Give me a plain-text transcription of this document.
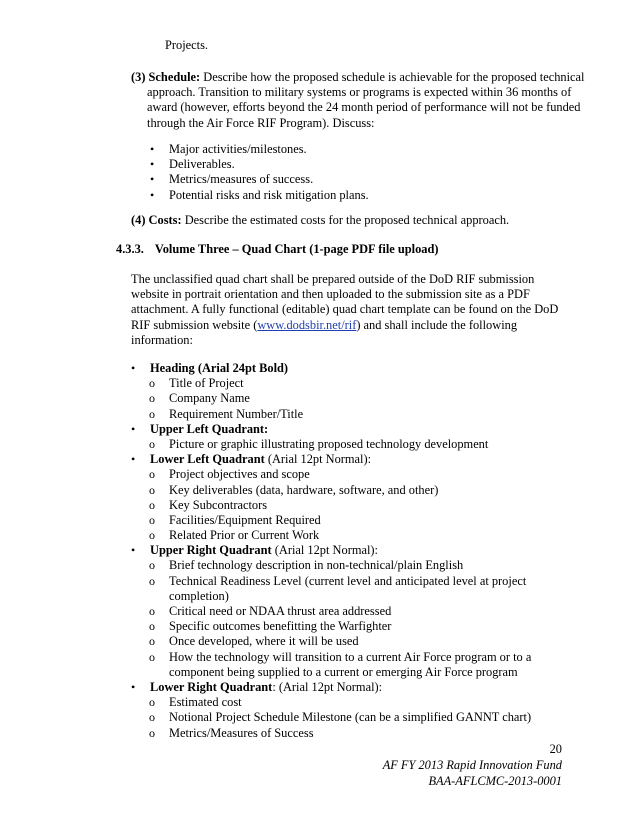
Projects.
(3) Schedule: Describe how the proposed schedule is achievable for the proposed technical approach. Transition to military systems or programs is expected within 36 months of award (however, efforts beyond the 24 month period of performance will not be funded through the Air Force RIF Program). Discuss:
• Major activities/milestones.
• Deliverables.
• Metrics/measures of success.
• Potential risks and risk mitigation plans.
(4) Costs: Describe the estimated costs for the proposed technical approach.
4.3.3. Volume Three – Quad Chart (1-page PDF file upload)
The unclassified quad chart shall be prepared outside of the DoD RIF submission website in portrait orientation and then uploaded to the submission site as a PDF attachment. A fully functional (editable) quad chart template can be found on the DoD RIF submission website (www.dodsbir.net/rif) and shall include the following information:
• Heading (Arial 24pt Bold)
o Title of Project
o Company Name
o Requirement Number/Title
• Upper Left Quadrant:
o Picture or graphic illustrating proposed technology development
• Lower Left Quadrant (Arial 12pt Normal):
o Project objectives and scope
o Key deliverables (data, hardware, software, and other)
o Key Subcontractors
o Facilities/Equipment Required
o Related Prior or Current Work
• Upper Right Quadrant (Arial 12pt Normal):
o Brief technology description in non-technical/plain English
o Technical Readiness Level (current level and anticipated level at project
completion)
o Critical need or NDAA thrust area addressed
o Specific outcomes benefitting the Warfighter
o Once developed, where it will be used
o How the technology will transition to a current Air Force program or to a
component being supplied to a current or emerging Air Force program
• Lower Right Quadrant: (Arial 12pt Normal):
o Estimated cost
o Notional Project Schedule Milestone (can be a simplified GANNT chart)
o Metrics/Measures of Success
20
AF FY 2013 Rapid Innovation Fund
BAA-AFLCMC-2013-0001
